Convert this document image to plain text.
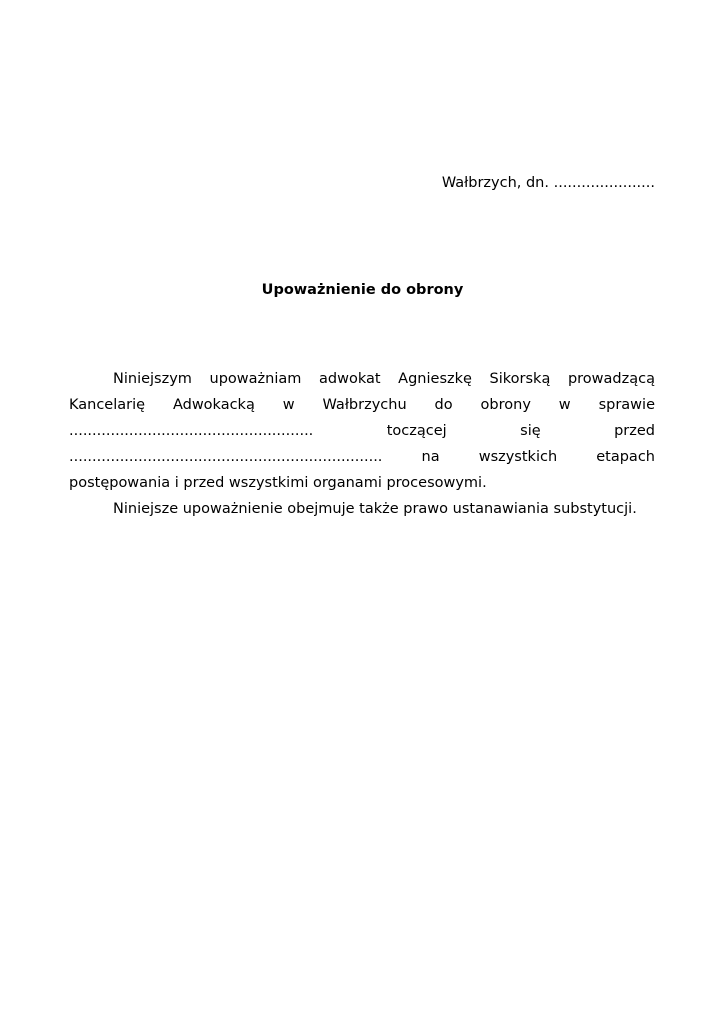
Wałbrzych, dn. ......................
Upoważnienie do obrony

Niniejszym upoważniam adwokat Agnieszkę Sikorską prowadzącą Kancelarię Adwokacką w Wałbrzychu do obrony w sprawie ..................................................... toczącej się przed .................................................................... na wszystkich etapach postępowania i przed wszystkimi organami procesowymi.

Niniejsze upoważnienie obejmuje także prawo ustanawiania substytucji.
